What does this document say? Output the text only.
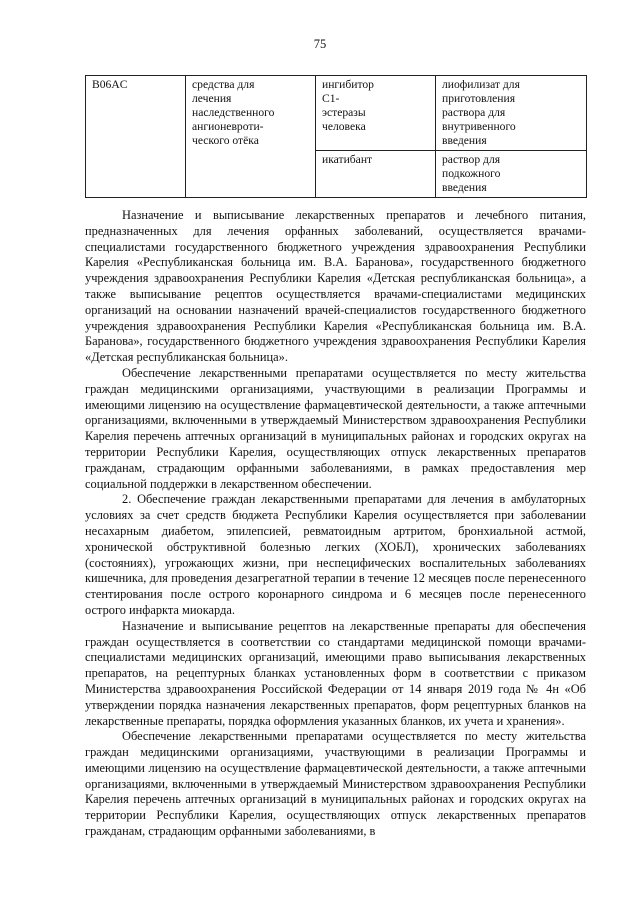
75
B06AC	средства для
лечения
наследственного
ангионевроти-
ческого отёка	ингибитор
C1-
эстеразы
человека	лиофилизат для
приготовления
раствора для
внутривенного
введения

		икатибант	раствор для
подкожного
введения

Назначение и выписывание лекарственных препаратов и лечебного питания, предназначенных для лечения орфанных заболеваний, осуществляется врачами-специалистами государственного бюджетного учреждения здравоохранения Республики Карелия «Республиканская больница им. В.А. Баранова», государственного бюджетного учреждения здравоохранения Республики Карелия «Детская республиканская больница», а также выписывание рецептов осуществляется врачами-специалистами медицинских организаций на основании назначений врачей-специалистов государственного бюджетного учреждения здравоохранения Республики Карелия «Республиканская больница им. В.А. Баранова», государственного бюджетного учреждения здравоохранения Республики Карелия «Детская республиканская больница».

Обеспечение лекарственными препаратами осуществляется по месту жительства граждан медицинскими организациями, участвующими в реализации Программы и имеющими лицензию на осуществление фармацевтической деятельности, а также аптечными организациями, включенными в утверждаемый Министерством здравоохранения Республики Карелия перечень аптечных организаций в муниципальных районах и городских округах на территории Республики Карелия, осуществляющих отпуск лекарственных препаратов гражданам, страдающим орфанными заболеваниями, в рамках предоставления мер социальной поддержки в лекарственном обеспечении.

2. Обеспечение граждан лекарственными препаратами для лечения в амбулаторных условиях за счет средств бюджета Республики Карелия осуществляется при заболевании несахарным диабетом, эпилепсией, ревматоидным артритом, бронхиальной астмой, хронической обструктивной болезнью легких (ХОБЛ), хронических заболеваниях (состояниях), угрожающих жизни, при неспецифических воспалительных заболеваниях кишечника, для проведения дезагрегатной терапии в течение 12 месяцев после перенесенного стентирования после острого коронарного синдрома и 6 месяцев после перенесенного острого инфаркта миокарда.

Назначение и выписывание рецептов на лекарственные препараты для обеспечения граждан осуществляется в соответствии со стандартами медицинской помощи врачами-специалистами медицинских организаций, имеющими право выписывания лекарственных препаратов, на рецептурных бланках установленных форм в соответствии с приказом Министерства здравоохранения Российской Федерации от 14 января 2019 года № 4н «Об утверждении порядка назначения лекарственных препаратов, форм рецептурных бланков на лекарственные препараты, порядка оформления указанных бланков, их учета и хранения».

Обеспечение лекарственными препаратами осуществляется по месту жительства граждан медицинскими организациями, участвующими в реализации Программы и имеющими лицензию на осуществление фармацевтической деятельности, а также аптечными организациями, включенными в утверждаемый Министерством здравоохранения Республики Карелия перечень аптечных организаций в муниципальных районах и городских округах на территории Республики Карелия, осуществляющих отпуск лекарственных препаратов гражданам, страдающим орфанными заболеваниями, в
